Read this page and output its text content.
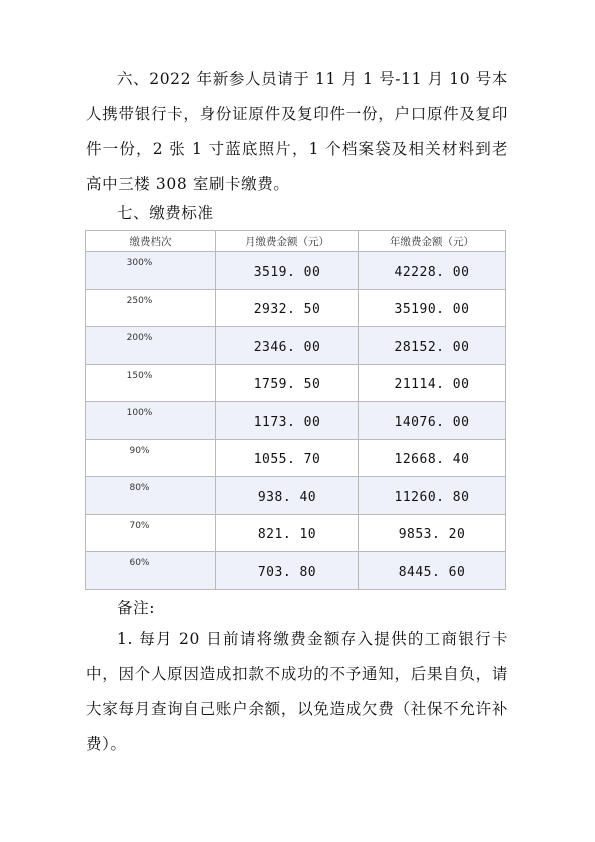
六、2022 年新参人员请于 11 月 1 号-11 月 10 号本人携带银行卡，身份证原件及复印件一份，户口原件及复印件一份，2 张 1 寸蓝底照片，1 个档案袋及相关材料到老高中三楼 308 室刷卡缴费。

七、缴费标准

缴费档次	月缴费金额（元）	年缴费金额（元）
300%	3519. 00	42228. 00
250%	2932. 50	35190. 00
200%	2346. 00	28152. 00
150%	1759. 50	21114. 00
100%	1173. 00	14076. 00
90%	1055. 70	12668. 40
80%	938. 40	11260. 80
70%	821. 10	9853. 20
60%	703. 80	8445. 60

备注:

1. 每月 20 日前请将缴费金额存入提供的工商银行卡中，因个人原因造成扣款不成功的不予通知，后果自负，请大家每月查询自己账户余额，以免造成欠费（社保不允许补费）。
